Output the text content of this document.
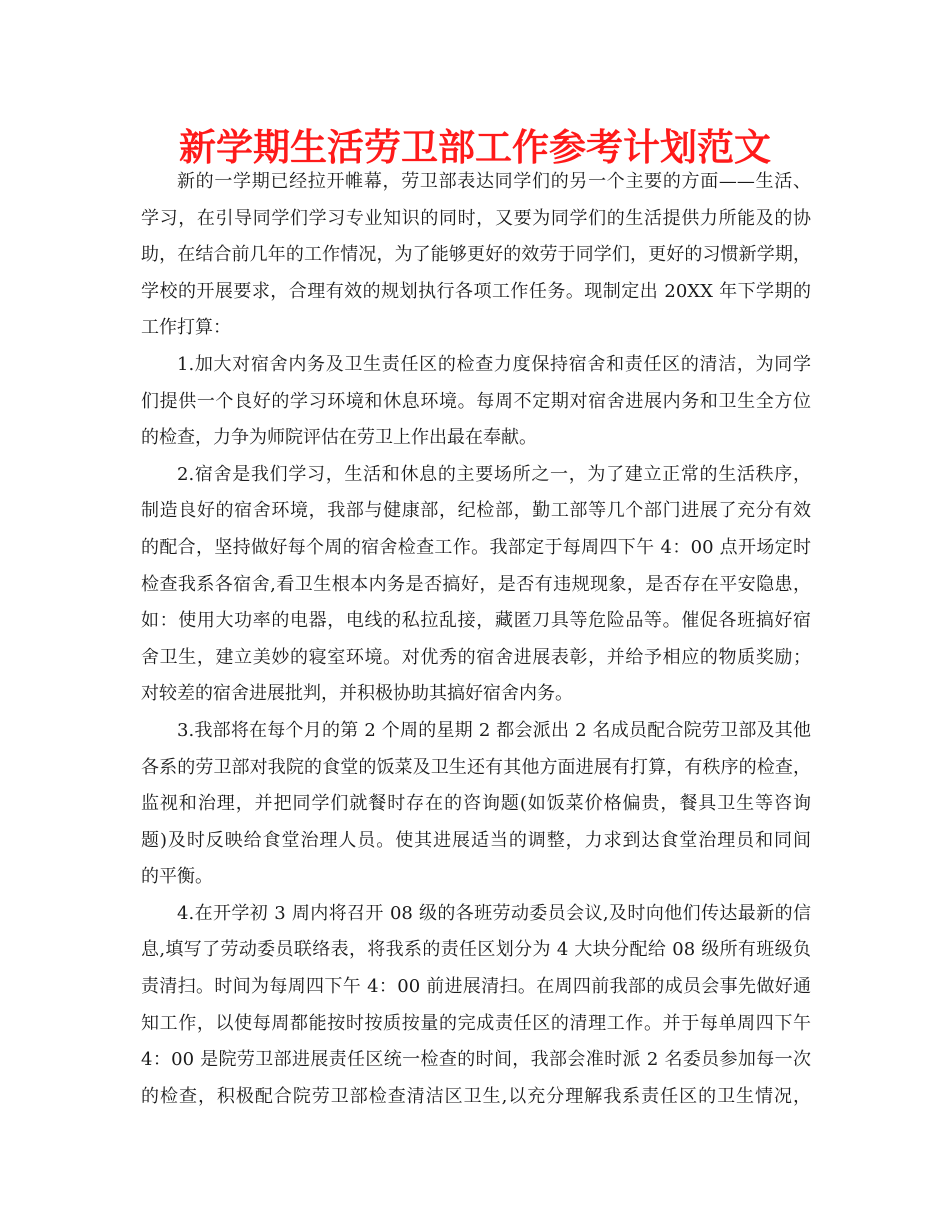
新学期生活劳卫部工作参考计划范文

新的一学期已经拉开帷幕，劳卫部表达同学们的另一个主要的方面——生活、
学习，在引导同学们学习专业知识的同时，又要为同学们的生活提供力所能及的协
助，在结合前几年的工作情况，为了能够更好的效劳于同学们，更好的习惯新学期，
学校的开展要求，合理有效的规划执行各项工作任务。现制定出 20XX 年下学期的
工作打算：

1.加大对宿舍内务及卫生责任区的检查力度保持宿舍和责任区的清洁，为同学
们提供一个良好的学习环境和休息环境。每周不定期对宿舍进展内务和卫生全方位
的检查，力争为师院评估在劳卫上作出最在奉献。

2.宿舍是我们学习，生活和休息的主要场所之一，为了建立正常的生活秩序，
制造良好的宿舍环境，我部与健康部，纪检部，勤工部等几个部门进展了充分有效
的配合，坚持做好每个周的宿舍检查工作。我部定于每周四下午 4：00 点开场定时
检查我系各宿舍,看卫生根本内务是否搞好，是否有违规现象，是否存在平安隐患，
如：使用大功率的电器，电线的私拉乱接，藏匿刀具等危险品等。催促各班搞好宿
舍卫生，建立美妙的寝室环境。对优秀的宿舍进展表彰，并给予相应的物质奖励；
对较差的宿舍进展批判，并积极协助其搞好宿舍内务。

3.我部将在每个月的第 2 个周的星期 2 都会派出 2 名成员配合院劳卫部及其他
各系的劳卫部对我院的食堂的饭菜及卫生还有其他方面进展有打算，有秩序的检查，
监视和治理，并把同学们就餐时存在的咨询题(如饭菜价格偏贵，餐具卫生等咨询
题)及时反映给食堂治理人员。使其进展适当的调整，力求到达食堂治理员和同间
的平衡。

4.在开学初 3 周内将召开 08 级的各班劳动委员会议,及时向他们传达最新的信
息,填写了劳动委员联络表，将我系的责任区划分为 4 大块分配给 08 级所有班级负
责清扫。时间为每周四下午 4：00 前进展清扫。在周四前我部的成员会事先做好通
知工作，以使每周都能按时按质按量的完成责任区的清理工作。并于每单周四下午
4：00 是院劳卫部进展责任区统一检查的时间，我部会准时派 2 名委员参加每一次
的检查，积极配合院劳卫部检查清洁区卫生,以充分理解我系责任区的卫生情况，
